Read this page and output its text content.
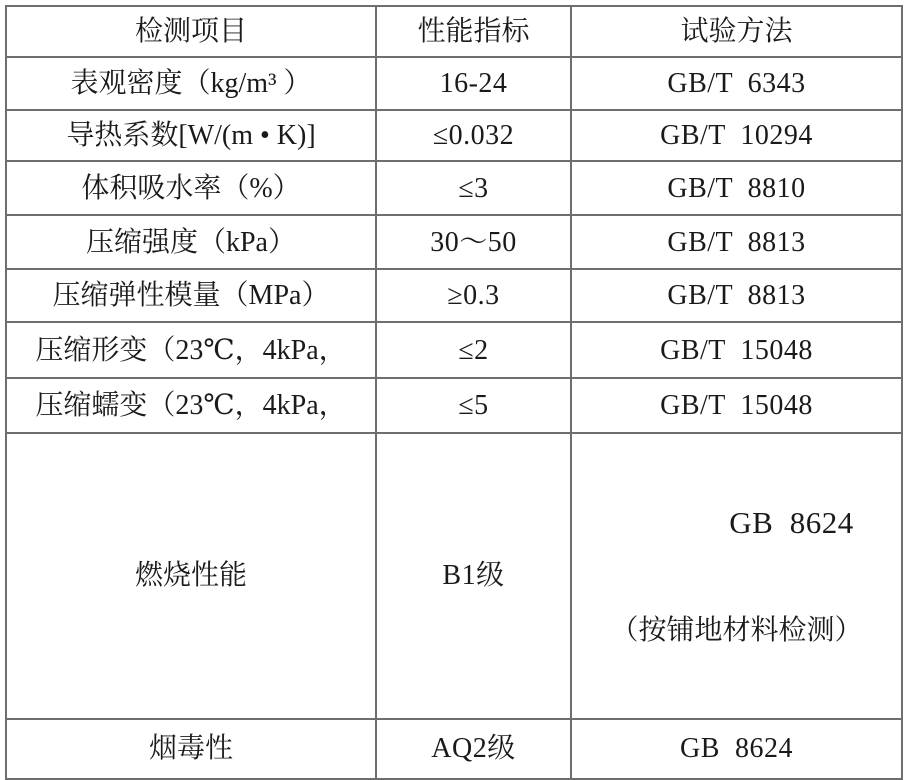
检测项目	性能指标	试验方法
表观密度（kg/m³ ）	16-24	GB/T  6343
导热系数[W/(m • K)]	≤0.032	GB/T  10294
体积吸水率（%）	≤3	GB/T  8810
压缩强度（kPa）	30～50	GB/T  8813
压缩弹性模量（MPa）	≥0.3	GB/T  8813
压缩形变（23℃，4kPa，	≤2	GB/T  15048
压缩蠕变（23℃，4kPa，	≤5	GB/T  15048
燃烧性能	B1级	GB  8624

（按铺地材料检测）

烟毒性	AQ2级	GB  8624
